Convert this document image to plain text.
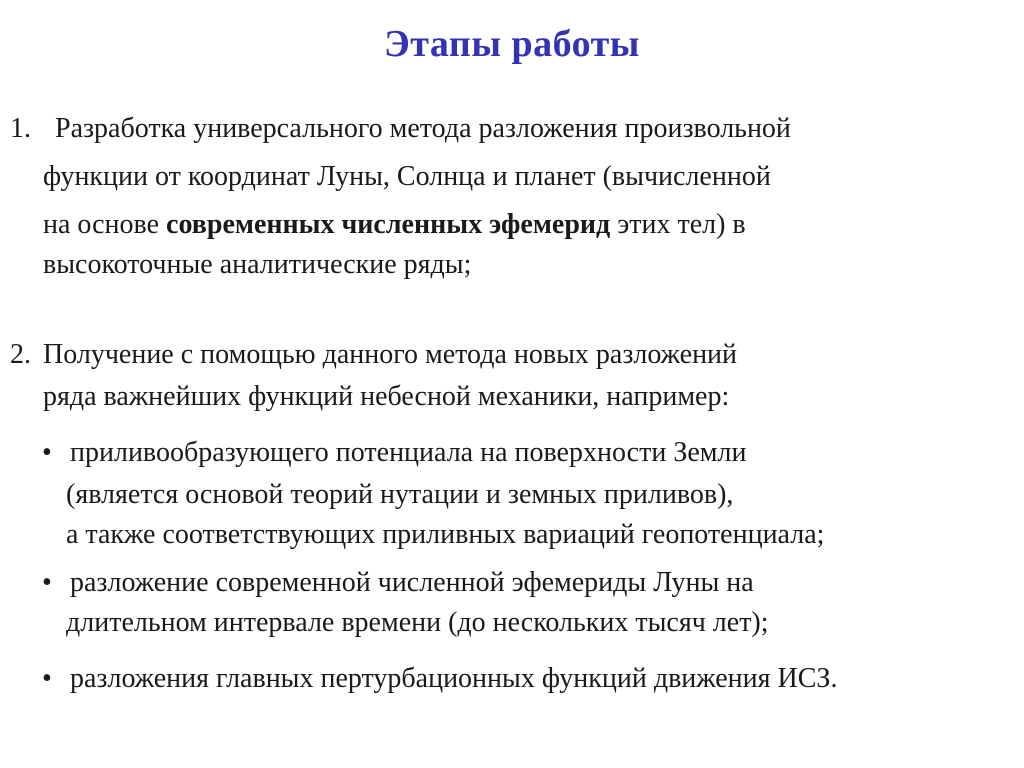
Этапы работы
1. Разработка универсального метода разложения произвольной
функции от координат Луны, Солнца и планет (вычисленной
на основе современных численных эфемерид этих тел) в
высокоточные аналитические ряды;
2. Получение с помощью данного метода новых разложений
ряда важнейших функций небесной механики, например:
• приливообразующего потенциала на поверхности Земли
(является основой теорий нутации и земных приливов),
а также соответствующих приливных вариаций геопотенциала;
• разложение современной численной эфемериды Луны на
длительном интервале времени (до нескольких тысяч лет);
• разложения главных пертурбационных функций движения ИСЗ.
